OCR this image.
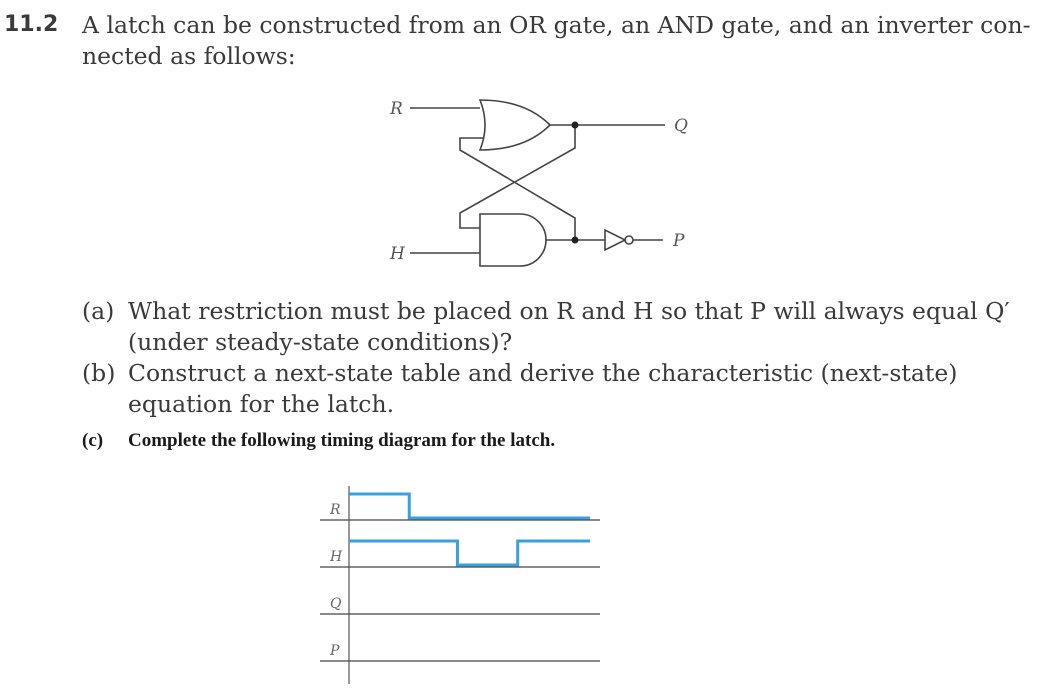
11.2 A latch can be constructed from an OR gate, an AND gate, and an inverter con-
nected as follows:
R
H
Q
P
(a) What restriction must be placed on R and H so that P will always equal Q′ (under steady-state conditions)?
(b) Construct a next-state table and derive the characteristic (next-state) equation for the latch.
(c) Complete the following timing diagram for the latch.
R
H
Q
P
